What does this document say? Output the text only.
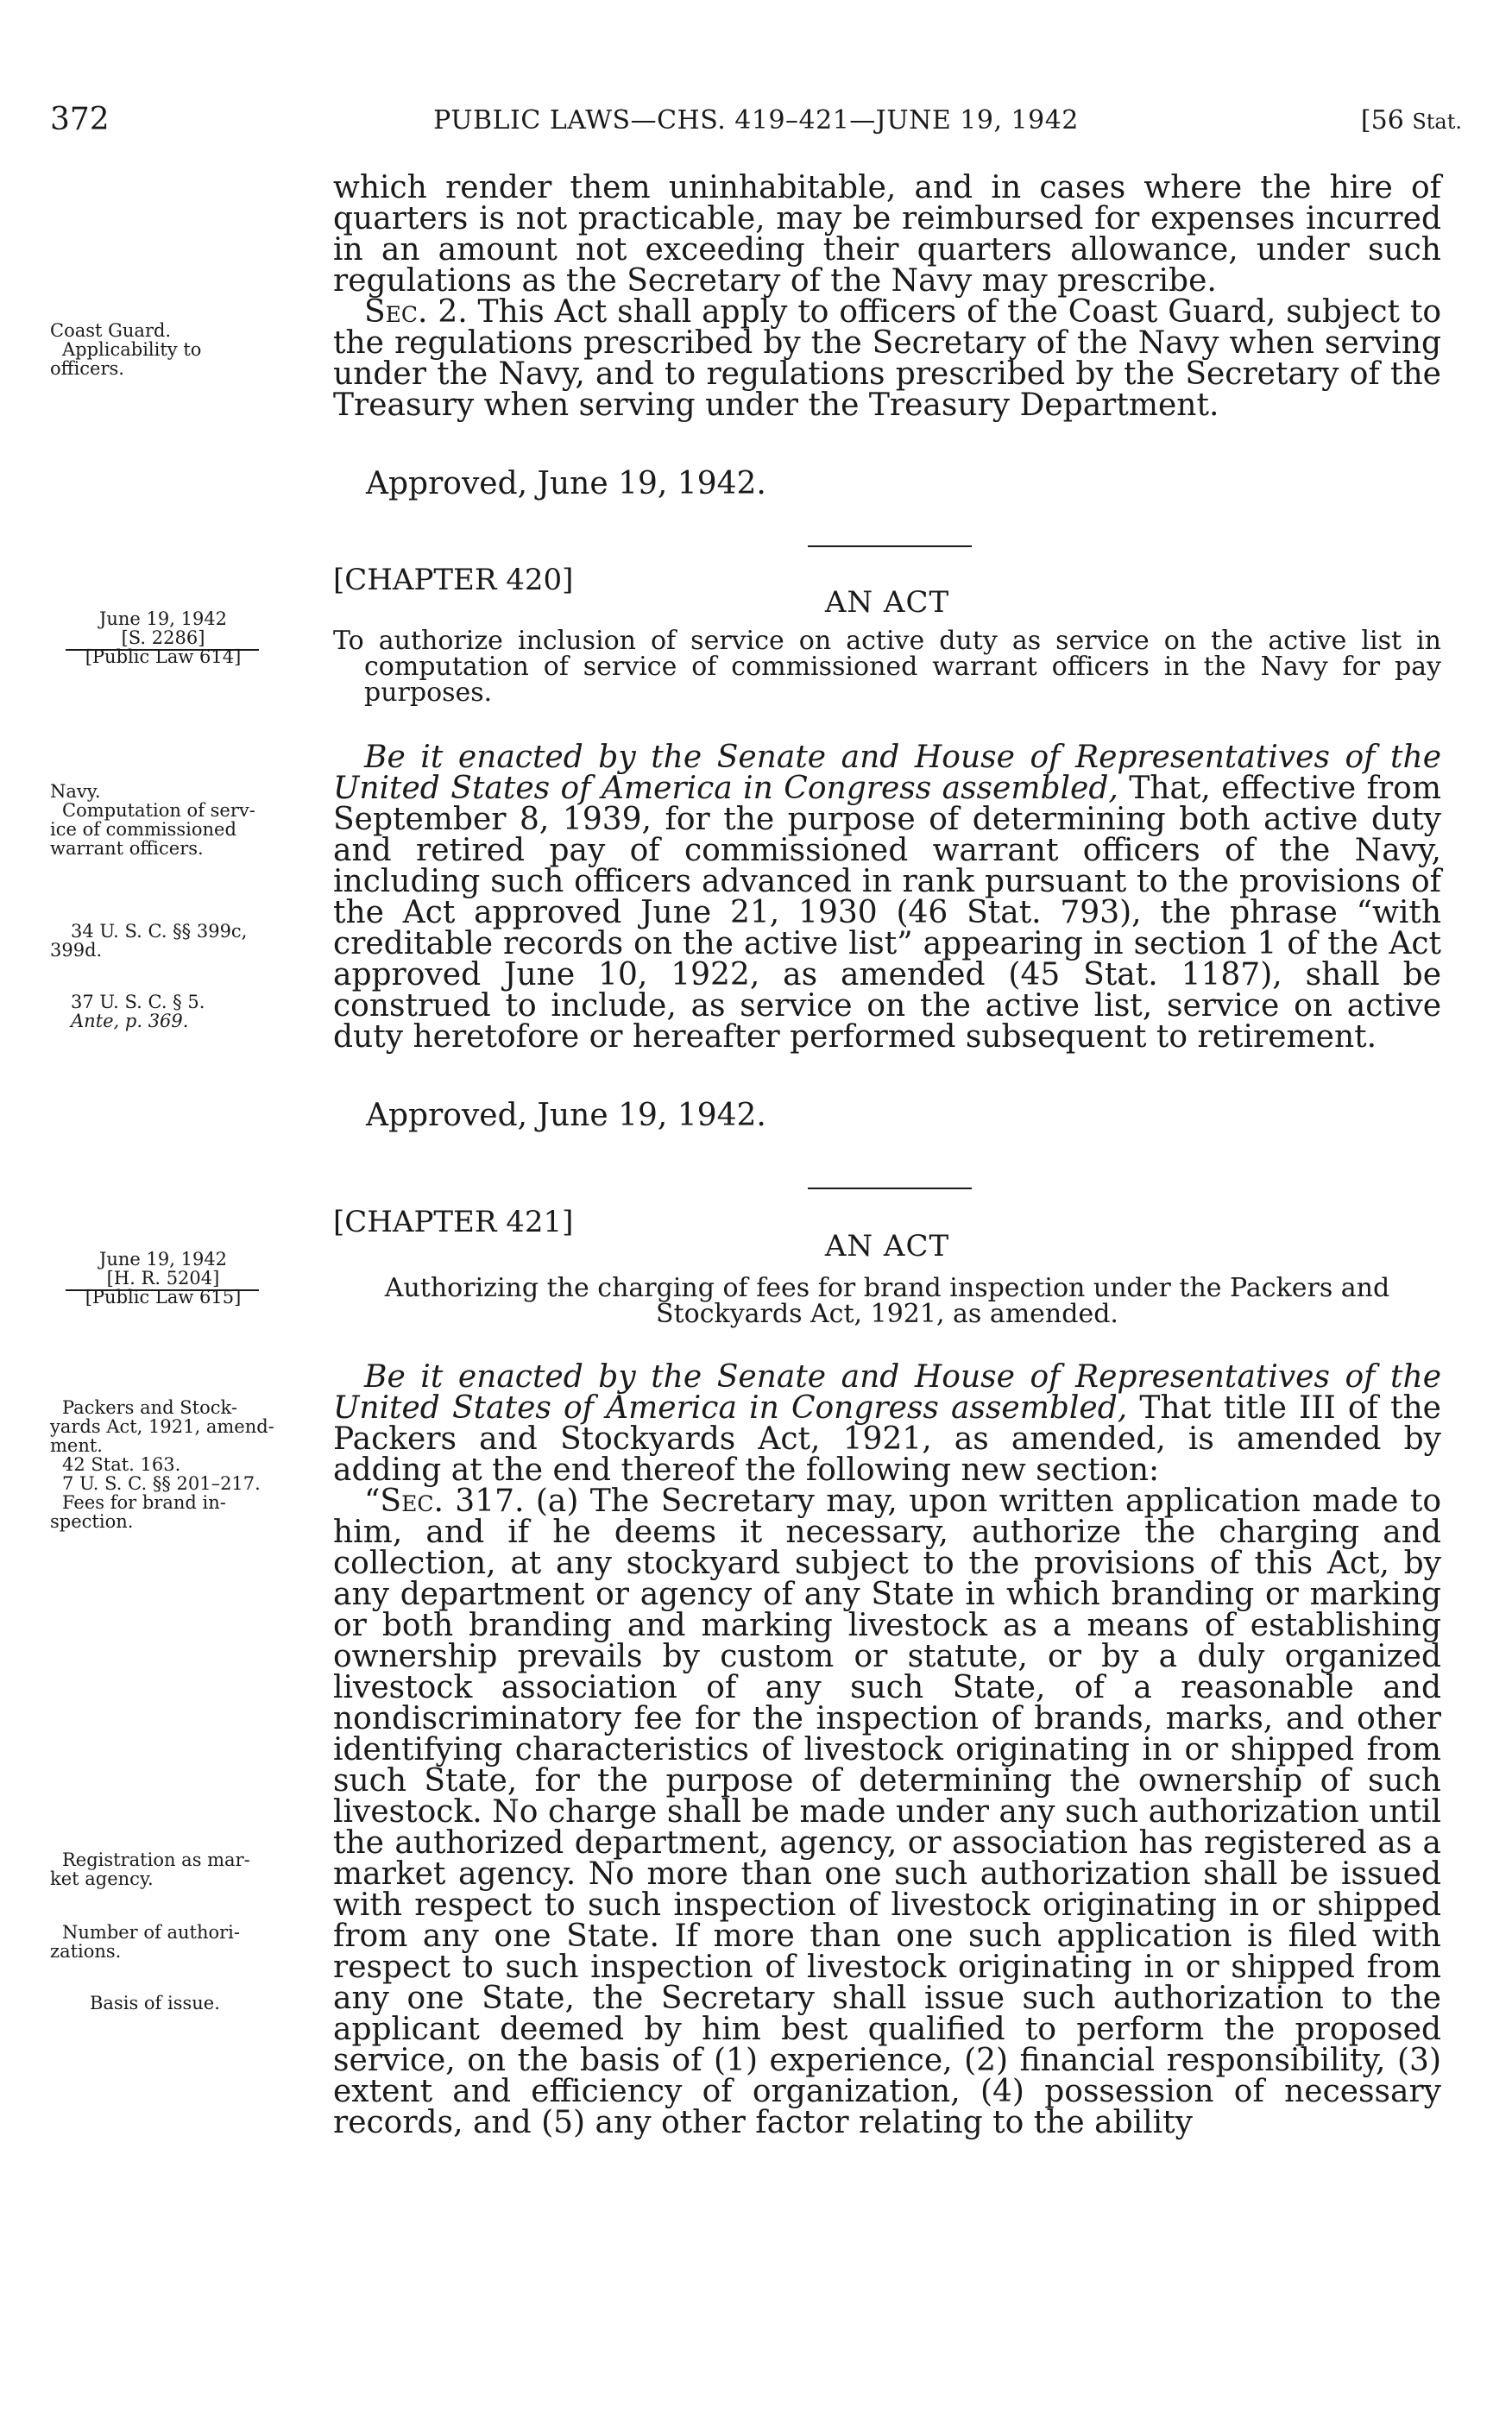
372	PUBLIC LAWS—CHS. 419–421—JUNE 19, 1942	[56 Stat.

which render them uninhabitable, and in cases where the hire of quarters is not practicable, may be reimbursed for expenses incurred in an amount not exceeding their quarters allowance, under such regulations as the Secretary of the Navy may prescribe.

Sec. 2. This Act shall apply to officers of the Coast Guard, subject to the regulations prescribed by the Secretary of the Navy when serving under the Navy, and to regulations prescribed by the Secretary of the Treasury when serving under the Treasury Department.

Approved, June 19, 1942.
[CHAPTER 420]
AN ACT

To authorize inclusion of service on active duty as service on the active list in computation of service of commissioned warrant officers in the Navy for pay purposes.

Be it enacted by the Senate and House of Representatives of the United States of America in Congress assembled, That, effective from September 8, 1939, for the purpose of determining both active duty and retired pay of commissioned warrant officers of the Navy, including such officers advanced in rank pursuant to the provisions of the Act approved June 21, 1930 (46 Stat. 793), the phrase “with creditable records on the active list” appearing in section 1 of the Act approved June 10, 1922, as amended (45 Stat. 1187), shall be construed to include, as service on the active list, service on active duty heretofore or hereafter performed subsequent to retirement.

Approved, June 19, 1942.
[CHAPTER 421]
AN ACT

Authorizing the charging of fees for brand inspection under the Packers and Stockyards Act, 1921, as amended.

Be it enacted by the Senate and House of Representatives of the United States of America in Congress assembled, That title III of the Packers and Stockyards Act, 1921, as amended, is amended by adding at the end thereof the following new section:

“Sec. 317. (a) The Secretary may, upon written application made to him, and if he deems it necessary, authorize the charging and collection, at any stockyard subject to the provisions of this Act, by any department or agency of any State in which branding or marking or both branding and marking livestock as a means of establishing ownership prevails by custom or statute, or by a duly organized livestock association of any such State, of a reasonable and nondiscriminatory fee for the inspection of brands, marks, and other identifying characteristics of livestock originating in or shipped from such State, for the purpose of determining the ownership of such livestock. No charge shall be made under any such authorization until the authorized department, agency, or association has registered as a market agency. No more than one such authorization shall be issued with respect to such inspection of livestock originating in or shipped from any one State. If more than one such application is filed with respect to such inspection of livestock originating in or shipped from any one State, the Secretary shall issue such authorization to the applicant deemed by him best qualified to perform the proposed service, on the basis of (1) experience, (2) financial responsibility, (3) extent and efficiency of organization, (4) possession of necessary records, and (5) any other factor relating to the ability

Coast Guard.
Applicability to
officers.
June 19, 1942
[S. 2286]
[Public Law 614]
Navy.
Computation of serv-
ice of commissioned
warrant officers.
34 U. S. C. §§ 399c,
399d.
37 U. S. C. § 5.
Ante, p. 369.
June 19, 1942
[H. R. 5204]
[Public Law 615]
Packers and Stock-
yards Act, 1921, amend-
ment.
42 Stat. 163.
7 U. S. C. §§ 201–217.
Fees for brand in-
spection.
Registration as mar-
ket agency.
Number of authori-
zations.
Basis of issue.
